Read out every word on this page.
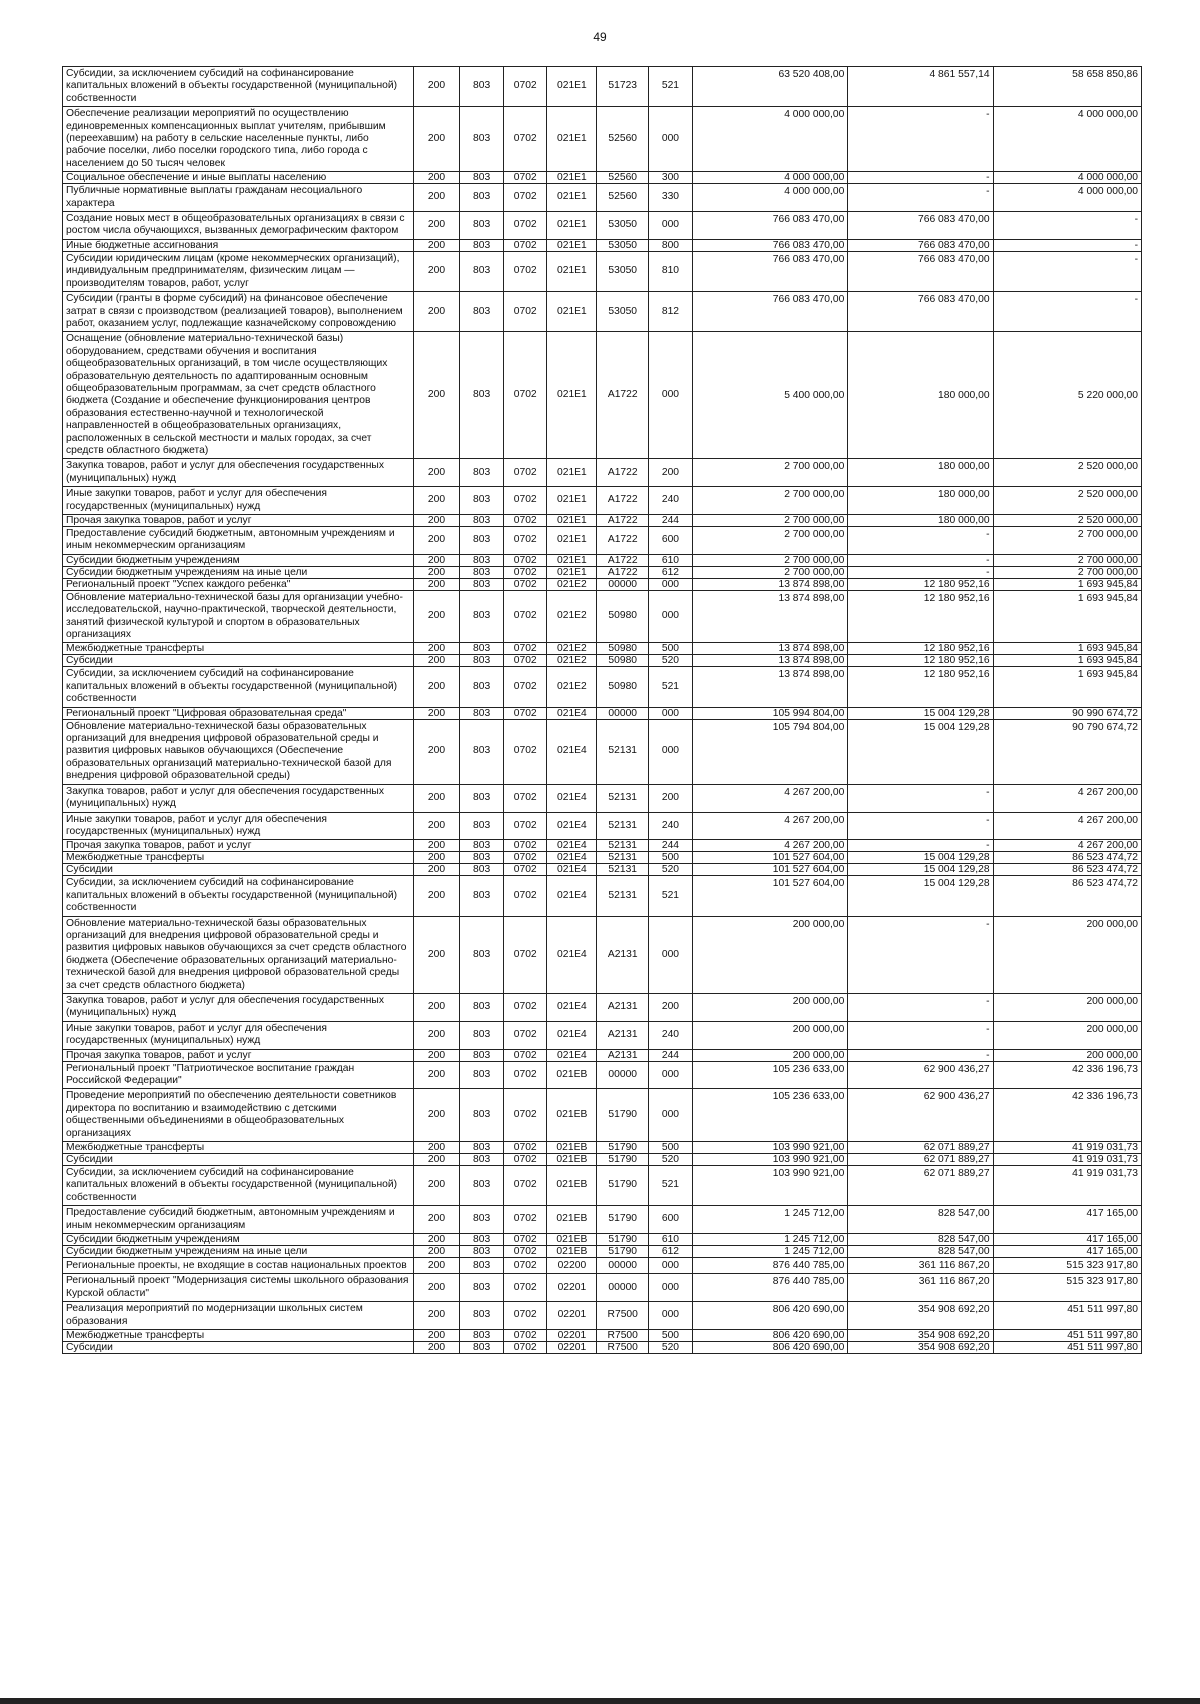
49
Субсидии, за исключением субсидий на софинансирование капитальных вложений в объекты государственной (муниципальной) собственности	200	803	0702	021E1	51723	521	63 520 408,00	4 861 557,14	58 658 850,86
Обеспечение реализации мероприятий по осуществлению единовременных компенсационных выплат учителям, прибывшим (переехавшим) на работу в сельские населенные пункты, либо рабочие поселки, либо поселки городского типа, либо города с населением до 50 тысяч человек	200	803	0702	021E1	52560	000	4 000 000,00	-	4 000 000,00
Социальное обеспечение и иные выплаты населению	200	803	0702	021E1	52560	300	4 000 000,00	-	4 000 000,00
Публичные нормативные выплаты гражданам несоциального характера	200	803	0702	021E1	52560	330	4 000 000,00	-	4 000 000,00
Создание новых мест в общеобразовательных организациях в связи с ростом числа обучающихся, вызванных демографическим фактором	200	803	0702	021E1	53050	000	766 083 470,00	766 083 470,00	-
Иные бюджетные ассигнования	200	803	0702	021E1	53050	800	766 083 470,00	766 083 470,00	-
Субсидии юридическим лицам (кроме некоммерческих организаций), индивидуальным предпринимателям, физическим лицам — производителям товаров, работ, услуг	200	803	0702	021E1	53050	810	766 083 470,00	766 083 470,00	-
Субсидии (гранты в форме субсидий) на финансовое обеспечение затрат в связи с производством (реализацией товаров), выполнением работ, оказанием услуг, подлежащие казначейскому сопровождению	200	803	0702	021E1	53050	812	766 083 470,00	766 083 470,00	-
Оснащение (обновление материально-технической базы) оборудованием, средствами обучения и воспитания общеобразовательных организаций, в том числе осуществляющих образовательную деятельность по адаптированным основным общеобразовательным программам, за счет средств областного бюджета (Создание и обеспечение функционирования центров образования естественно-научной и технологической направленностей в общеобразовательных организациях, расположенных в сельской местности и малых городах, за счет средств областного бюджета)	200	803	0702	021E1	A1722	000	5 400 000,00	180 000,00	5 220 000,00
Закупка товаров, работ и услуг для обеспечения государственных (муниципальных) нужд	200	803	0702	021E1	A1722	200	2 700 000,00	180 000,00	2 520 000,00
Иные закупки товаров, работ и услуг для обеспечения государственных (муниципальных) нужд	200	803	0702	021E1	A1722	240	2 700 000,00	180 000,00	2 520 000,00
Прочая закупка товаров, работ и услуг	200	803	0702	021E1	A1722	244	2 700 000,00	180 000,00	2 520 000,00
Предоставление субсидий бюджетным, автономным учреждениям и иным некоммерческим организациям	200	803	0702	021E1	A1722	600	2 700 000,00	-	2 700 000,00
Субсидии бюджетным учреждениям	200	803	0702	021E1	A1722	610	2 700 000,00	-	2 700 000,00
Субсидии бюджетным учреждениям на иные цели	200	803	0702	021E1	A1722	612	2 700 000,00	-	2 700 000,00
Региональный проект "Успех каждого ребенка"	200	803	0702	021E2	00000	000	13 874 898,00	12 180 952,16	1 693 945,84
Обновление материально-технической базы для организации учебно-исследовательской, научно-практической, творческой деятельности, занятий физической культурой и спортом в образовательных организациях	200	803	0702	021E2	50980	000	13 874 898,00	12 180 952,16	1 693 945,84
Межбюджетные трансферты	200	803	0702	021E2	50980	500	13 874 898,00	12 180 952,16	1 693 945,84
Субсидии	200	803	0702	021E2	50980	520	13 874 898,00	12 180 952,16	1 693 945,84
Субсидии, за исключением субсидий на софинансирование капитальных вложений в объекты государственной (муниципальной) собственности	200	803	0702	021E2	50980	521	13 874 898,00	12 180 952,16	1 693 945,84
Региональный проект "Цифровая образовательная среда"	200	803	0702	021E4	00000	000	105 994 804,00	15 004 129,28	90 990 674,72
Обновление материально-технической базы образовательных организаций для внедрения цифровой образовательной среды и развития цифровых навыков обучающихся (Обеспечение образовательных организаций материально-технической базой для внедрения цифровой образовательной среды)	200	803	0702	021E4	52131	000	105 794 804,00	15 004 129,28	90 790 674,72
Закупка товаров, работ и услуг для обеспечения государственных (муниципальных) нужд	200	803	0702	021E4	52131	200	4 267 200,00	-	4 267 200,00
Иные закупки товаров, работ и услуг для обеспечения государственных (муниципальных) нужд	200	803	0702	021E4	52131	240	4 267 200,00	-	4 267 200,00
Прочая закупка товаров, работ и услуг	200	803	0702	021E4	52131	244	4 267 200,00	-	4 267 200,00
Межбюджетные трансферты	200	803	0702	021E4	52131	500	101 527 604,00	15 004 129,28	86 523 474,72
Субсидии	200	803	0702	021E4	52131	520	101 527 604,00	15 004 129,28	86 523 474,72
Субсидии, за исключением субсидий на софинансирование капитальных вложений в объекты государственной (муниципальной) собственности	200	803	0702	021E4	52131	521	101 527 604,00	15 004 129,28	86 523 474,72
Обновление материально-технической базы образовательных организаций для внедрения цифровой образовательной среды и развития цифровых навыков обучающихся за счет средств областного бюджета (Обеспечение образовательных организаций материально-технической базой для внедрения цифровой образовательной среды за счет средств областного бюджета)	200	803	0702	021E4	A2131	000	200 000,00	-	200 000,00
Закупка товаров, работ и услуг для обеспечения государственных (муниципальных) нужд	200	803	0702	021E4	A2131	200	200 000,00	-	200 000,00
Иные закупки товаров, работ и услуг для обеспечения государственных (муниципальных) нужд	200	803	0702	021E4	A2131	240	200 000,00	-	200 000,00
Прочая закупка товаров, работ и услуг	200	803	0702	021E4	A2131	244	200 000,00	-	200 000,00
Региональный проект "Патриотическое воспитание граждан Российской Федерации"	200	803	0702	021EB	00000	000	105 236 633,00	62 900 436,27	42 336 196,73
Проведение мероприятий по обеспечению деятельности советников директора по воспитанию и взаимодействию с детскими общественными объединениями в общеобразовательных организациях	200	803	0702	021EB	51790	000	105 236 633,00	62 900 436,27	42 336 196,73
Межбюджетные трансферты	200	803	0702	021EB	51790	500	103 990 921,00	62 071 889,27	41 919 031,73
Субсидии	200	803	0702	021EB	51790	520	103 990 921,00	62 071 889,27	41 919 031,73
Субсидии, за исключением субсидий на софинансирование капитальных вложений в объекты государственной (муниципальной) собственности	200	803	0702	021EB	51790	521	103 990 921,00	62 071 889,27	41 919 031,73
Предоставление субсидий бюджетным, автономным учреждениям и иным некоммерческим организациям	200	803	0702	021EB	51790	600	1 245 712,00	828 547,00	417 165,00
Субсидии бюджетным учреждениям	200	803	0702	021EB	51790	610	1 245 712,00	828 547,00	417 165,00
Субсидии бюджетным учреждениям на иные цели	200	803	0702	021EB	51790	612	1 245 712,00	828 547,00	417 165,00
Региональные проекты, не входящие в состав национальных проектов	200	803	0702	02200	00000	000	876 440 785,00	361 116 867,20	515 323 917,80
Региональный проект "Модернизация системы школьного образования Курской области"	200	803	0702	02201	00000	000	876 440 785,00	361 116 867,20	515 323 917,80
Реализация мероприятий по модернизации школьных систем образования	200	803	0702	02201	R7500	000	806 420 690,00	354 908 692,20	451 511 997,80
Межбюджетные трансферты	200	803	0702	02201	R7500	500	806 420 690,00	354 908 692,20	451 511 997,80
Субсидии	200	803	0702	02201	R7500	520	806 420 690,00	354 908 692,20	451 511 997,80
